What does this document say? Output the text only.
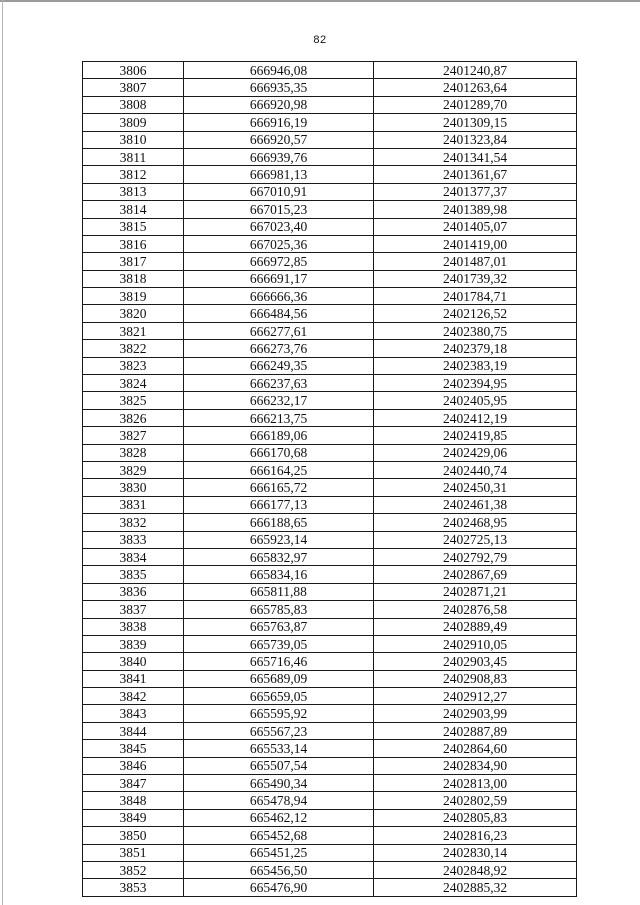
82
3806	666946,08	2401240,87
3807	666935,35	2401263,64
3808	666920,98	2401289,70
3809	666916,19	2401309,15
3810	666920,57	2401323,84
3811	666939,76	2401341,54
3812	666981,13	2401361,67
3813	667010,91	2401377,37
3814	667015,23	2401389,98
3815	667023,40	2401405,07
3816	667025,36	2401419,00
3817	666972,85	2401487,01
3818	666691,17	2401739,32
3819	666666,36	2401784,71
3820	666484,56	2402126,52
3821	666277,61	2402380,75
3822	666273,76	2402379,18
3823	666249,35	2402383,19
3824	666237,63	2402394,95
3825	666232,17	2402405,95
3826	666213,75	2402412,19
3827	666189,06	2402419,85
3828	666170,68	2402429,06
3829	666164,25	2402440,74
3830	666165,72	2402450,31
3831	666177,13	2402461,38
3832	666188,65	2402468,95
3833	665923,14	2402725,13
3834	665832,97	2402792,79
3835	665834,16	2402867,69
3836	665811,88	2402871,21
3837	665785,83	2402876,58
3838	665763,87	2402889,49
3839	665739,05	2402910,05
3840	665716,46	2402903,45
3841	665689,09	2402908,83
3842	665659,05	2402912,27
3843	665595,92	2402903,99
3844	665567,23	2402887,89
3845	665533,14	2402864,60
3846	665507,54	2402834,90
3847	665490,34	2402813,00
3848	665478,94	2402802,59
3849	665462,12	2402805,83
3850	665452,68	2402816,23
3851	665451,25	2402830,14
3852	665456,50	2402848,92
3853	665476,90	2402885,32
